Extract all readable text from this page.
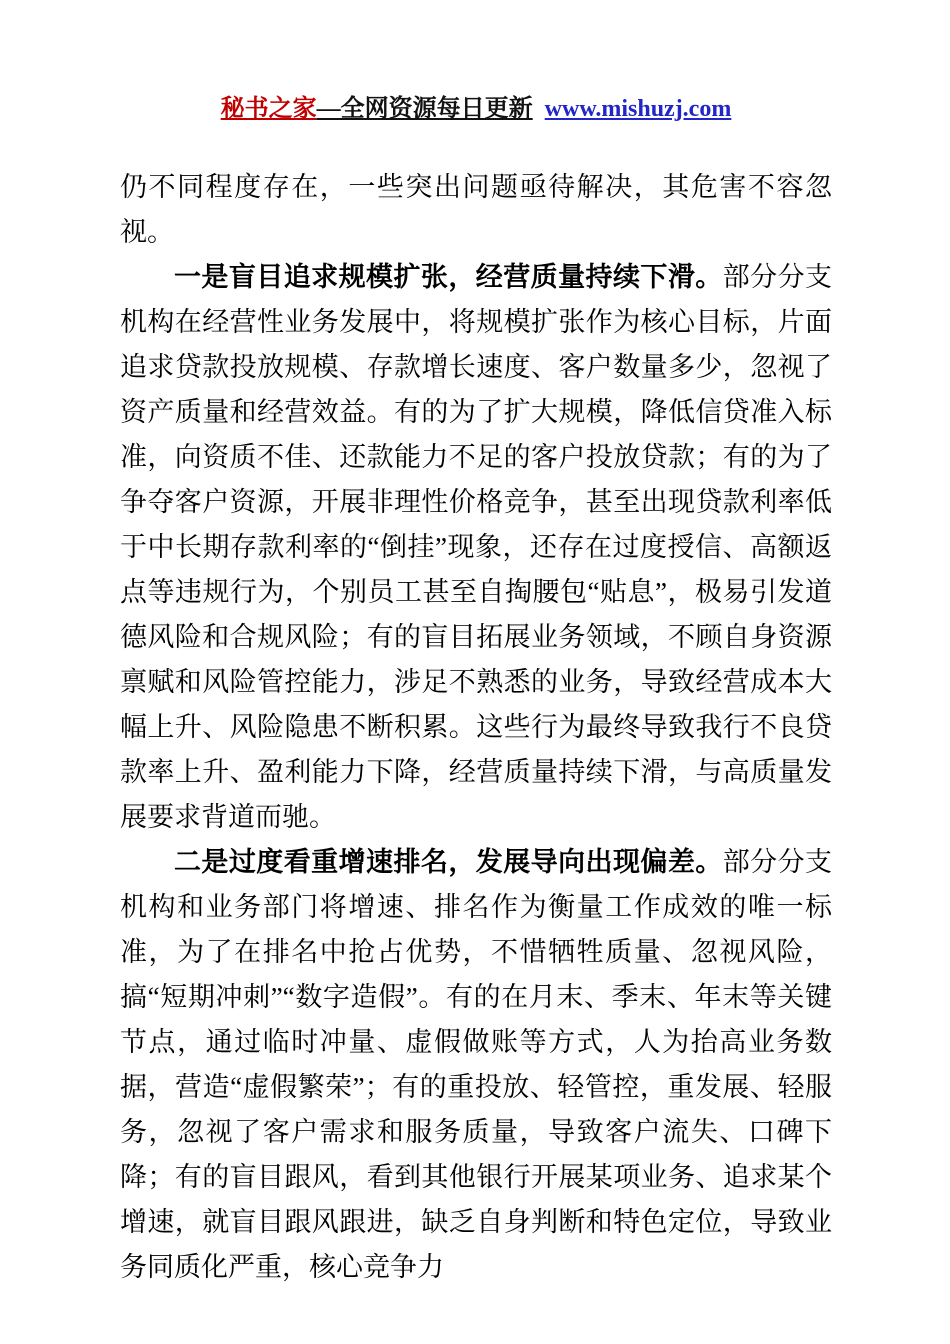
秘书之家—全网资源每日更新 www.mishuzj.com

仍不同程度存在，一些突出问题亟待解决，其危害不容忽视。

一是盲目追求规模扩张，经营质量持续下滑。部分分支机构在经营性业务发展中，将规模扩张作为核心目标，片面追求贷款投放规模、存款增长速度、客户数量多少，忽视了资产质量和经营效益。有的为了扩大规模，降低信贷准入标准，向资质不佳、还款能力不足的客户投放贷款；有的为了争夺客户资源，开展非理性价格竞争，甚至出现贷款利率低于中长期存款利率的“倒挂”现象，还存在过度授信、高额返点等违规行为，个别员工甚至自掏腰包“贴息”，极易引发道德风险和合规风险；有的盲目拓展业务领域，不顾自身资源禀赋和风险管控能力，涉足不熟悉的业务，导致经营成本大幅上升、风险隐患不断积累。这些行为最终导致我行不良贷款率上升、盈利能力下降，经营质量持续下滑，与高质量发展要求背道而驰。

二是过度看重增速排名，发展导向出现偏差。部分分支机构和业务部门将增速、排名作为衡量工作成效的唯一标准，为了在排名中抢占优势，不惜牺牲质量、忽视风险，搞“短期冲刺”“数字造假”。有的在月末、季末、年末等关键节点，通过临时冲量、虚假做账等方式，人为抬高业务数据，营造“虚假繁荣”；有的重投放、轻管控，重发展、轻服务，忽视了客户需求和服务质量，导致客户流失、口碑下降；有的盲目跟风，看到其他银行开展某项业务、追求某个增速，就盲目跟风跟进，缺乏自身判断和特色定位，导致业务同质化严重，核心竞争力
